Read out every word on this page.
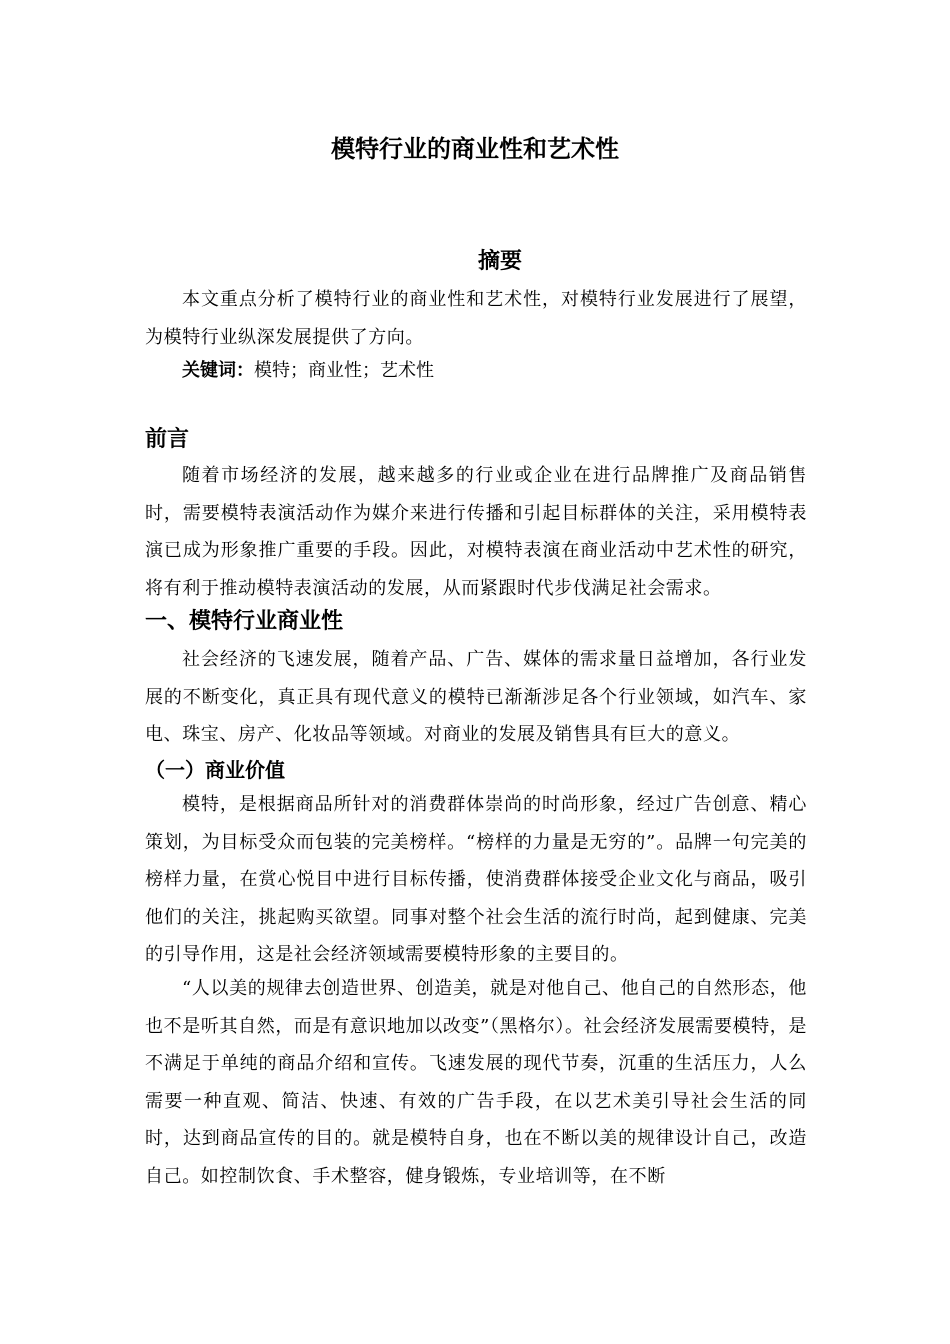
模特行业的商业性和艺术性
摘要

本文重点分析了模特行业的商业性和艺术性，对模特行业发展进行了展望，为模特行业纵深发展提供了方向。

关键词：模特；商业性；艺术性
前言

随着市场经济的发展，越来越多的行业或企业在进行品牌推广及商品销售时，需要模特表演活动作为媒介来进行传播和引起目标群体的关注，采用模特表演已成为形象推广重要的手段。因此，对模特表演在商业活动中艺术性的研究，将有利于推动模特表演活动的发展，从而紧跟时代步伐满足社会需求。

一、模特行业商业性

社会经济的飞速发展，随着产品、广告、媒体的需求量日益增加，各行业发展的不断变化，真正具有现代意义的模特已渐渐涉足各个行业领域，如汽车、家电、珠宝、房产、化妆品等领域。对商业的发展及销售具有巨大的意义。

（一）商业价值

模特，是根据商品所针对的消费群体崇尚的时尚形象，经过广告创意、精心策划，为目标受众而包装的完美榜样。“榜样的力量是无穷的”。品牌一句完美的榜样力量，在赏心悦目中进行目标传播，使消费群体接受企业文化与商品，吸引他们的关注，挑起购买欲望。同事对整个社会生活的流行时尚，起到健康、完美的引导作用，这是社会经济领域需要模特形象的主要目的。

“人以美的规律去创造世界、创造美，就是对他自己、他自己的自然形态，他也不是听其自然，而是有意识地加以改变”（黑格尔）。社会经济发展需要模特，是不满足于单纯的商品介绍和宣传。飞速发展的现代节奏，沉重的生活压力，人么需要一种直观、简洁、快速、有效的广告手段，在以艺术美引导社会生活的同时，达到商品宣传的目的。就是模特自身，也在不断以美的规律设计自己，改造自己。如控制饮食、手术整容，健身锻炼，专业培训等，在不断
